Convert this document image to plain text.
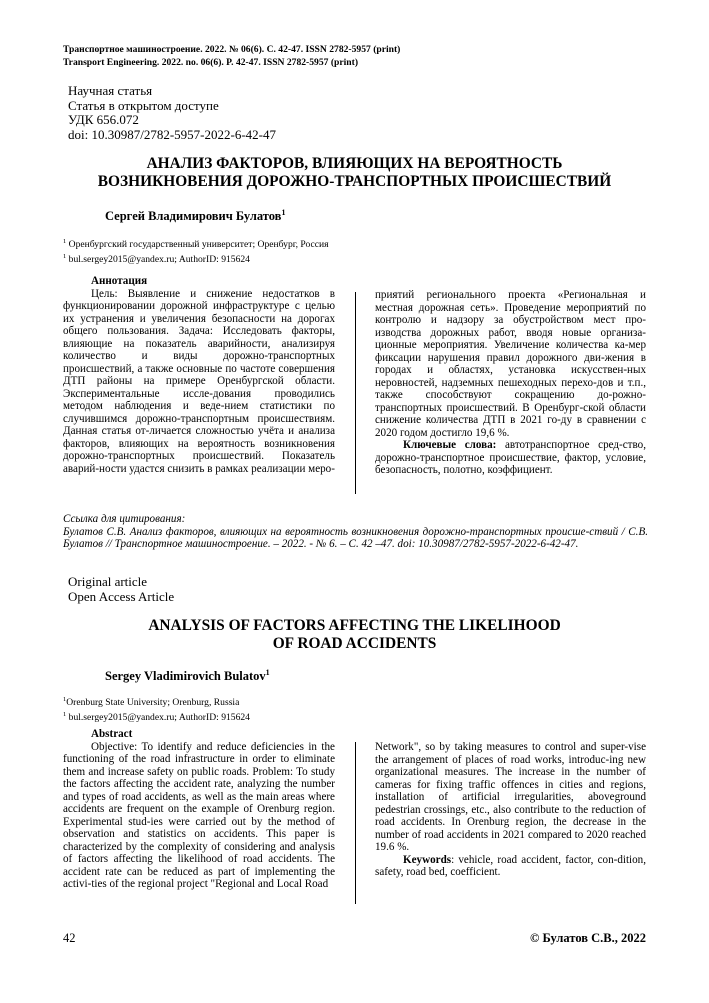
Транспортное машиностроение. 2022. № 06(6). С. 42-47. ISSN 2782-5957 (print)
Transport Engineering. 2022. no. 06(6). P. 42-47. ISSN 2782-5957 (print)
Научная статья
Статья в открытом доступе
УДК 656.072
doi: 10.30987/2782-5957-2022-6-42-47
АНАЛИЗ ФАКТОРОВ, ВЛИЯЮЩИХ НА ВЕРОЯТНОСТЬ
ВОЗНИКНОВЕНИЯ ДОРОЖНО-ТРАНСПОРТНЫХ ПРОИСШЕСТВИЙ
Сергей Владимирович Булатов$^1$
$^1$ Оренбургский государственный университет; Оренбург, Россия
$^1$ bul.sergey2015@yandex.ru; AuthorID: 915624

Аннотация

Цель: Выявление и снижение недостатков в функционировании дорожной инфраструктуре с целью их устранения и увеличения безопасности на дорогах общего пользования. Задача: Исследовать факторы, влияющие на показатель аварийности, анализируя количество и виды дорожно-транспортных происшествий, а также основные по частоте совершения ДТП районы на примере Оренбургской области. Экспериментальные иссле-дования проводились методом наблюдения и веде-нием статистики по случившимся дорожно-транспортным происшествиям. Данная статья от-личается сложностью учёта и анализа факторов, влияющих на вероятность возникновения дорожно-транспортных происшествий. Показатель аварий-ности удастся снизить в рамках реализации меро-

приятий регионального проекта «Региональная и местная дорожная сеть». Проведение мероприятий по контролю и надзору за обустройством мест про-изводства дорожных работ, вводя новые организа-ционные мероприятия. Увеличение количества ка-мер фиксации нарушения правил дорожного дви-жения в городах и областях, установка искусствен-ных неровностей, надземных пешеходных перехо-дов и т.п., также способствуют сокращению до-рожно-транспортных происшествий. В Оренбург-ской области снижение количества ДТП в 2021 го-ду в сравнении с 2020 годом достигло 19,6 %.

Ключевые слова: автотранспортное сред-ство, дорожно-транспортное происшествие, фактор, условие, безопасность, полотно, коэффициент.

Ссылка для цитирования:
Булатов С.В. Анализ факторов, влияющих на вероятность возникновения дорожно-транспортных происше-ствий / С.В. Булатов // Транспортное машиностроение. – 2022. - № 6. – С. 42 –47. doi: 10.30987/2782-5957-2022-6-42-47.
Original article
Open Access Article
ANALYSIS OF FACTORS AFFECTING THE LIKELIHOOD
OF ROAD ACCIDENTS
Sergey Vladimirovich Bulatov$^1$
$^1$Orenburg State University; Orenburg, Russia
$^1$ bul.sergey2015@yandex.ru; AuthorID: 915624

Abstract

Objective: To identify and reduce deficiencies in the functioning of the road infrastructure in order to eliminate them and increase safety on public roads. Problem: To study the factors affecting the accident rate, analyzing the number and types of road accidents, as well as the main areas where accidents are frequent on the example of Orenburg region. Experimental stud-ies were carried out by the method of observation and statistics on accidents. This paper is characterized by the complexity of considering and analysis of factors affecting the likelihood of road accidents. The accident rate can be reduced as part of implementing the activi-ties of the regional project "Regional and Local Road

Network", so by taking measures to control and super-vise the arrangement of places of road works, introduc-ing new organizational measures. The increase in the number of cameras for fixing traffic offences in cities and regions, installation of artificial irregularities, aboveground pedestrian crossings, etc., also contribute to the reduction of road accidents. In Orenburg region, the decrease in the number of road accidents in 2021 compared to 2020 reached 19.6 %.

Keywords: vehicle, road accident, factor, con-dition, safety, road bed, coefficient.

42	© Булатов С.В., 2022
